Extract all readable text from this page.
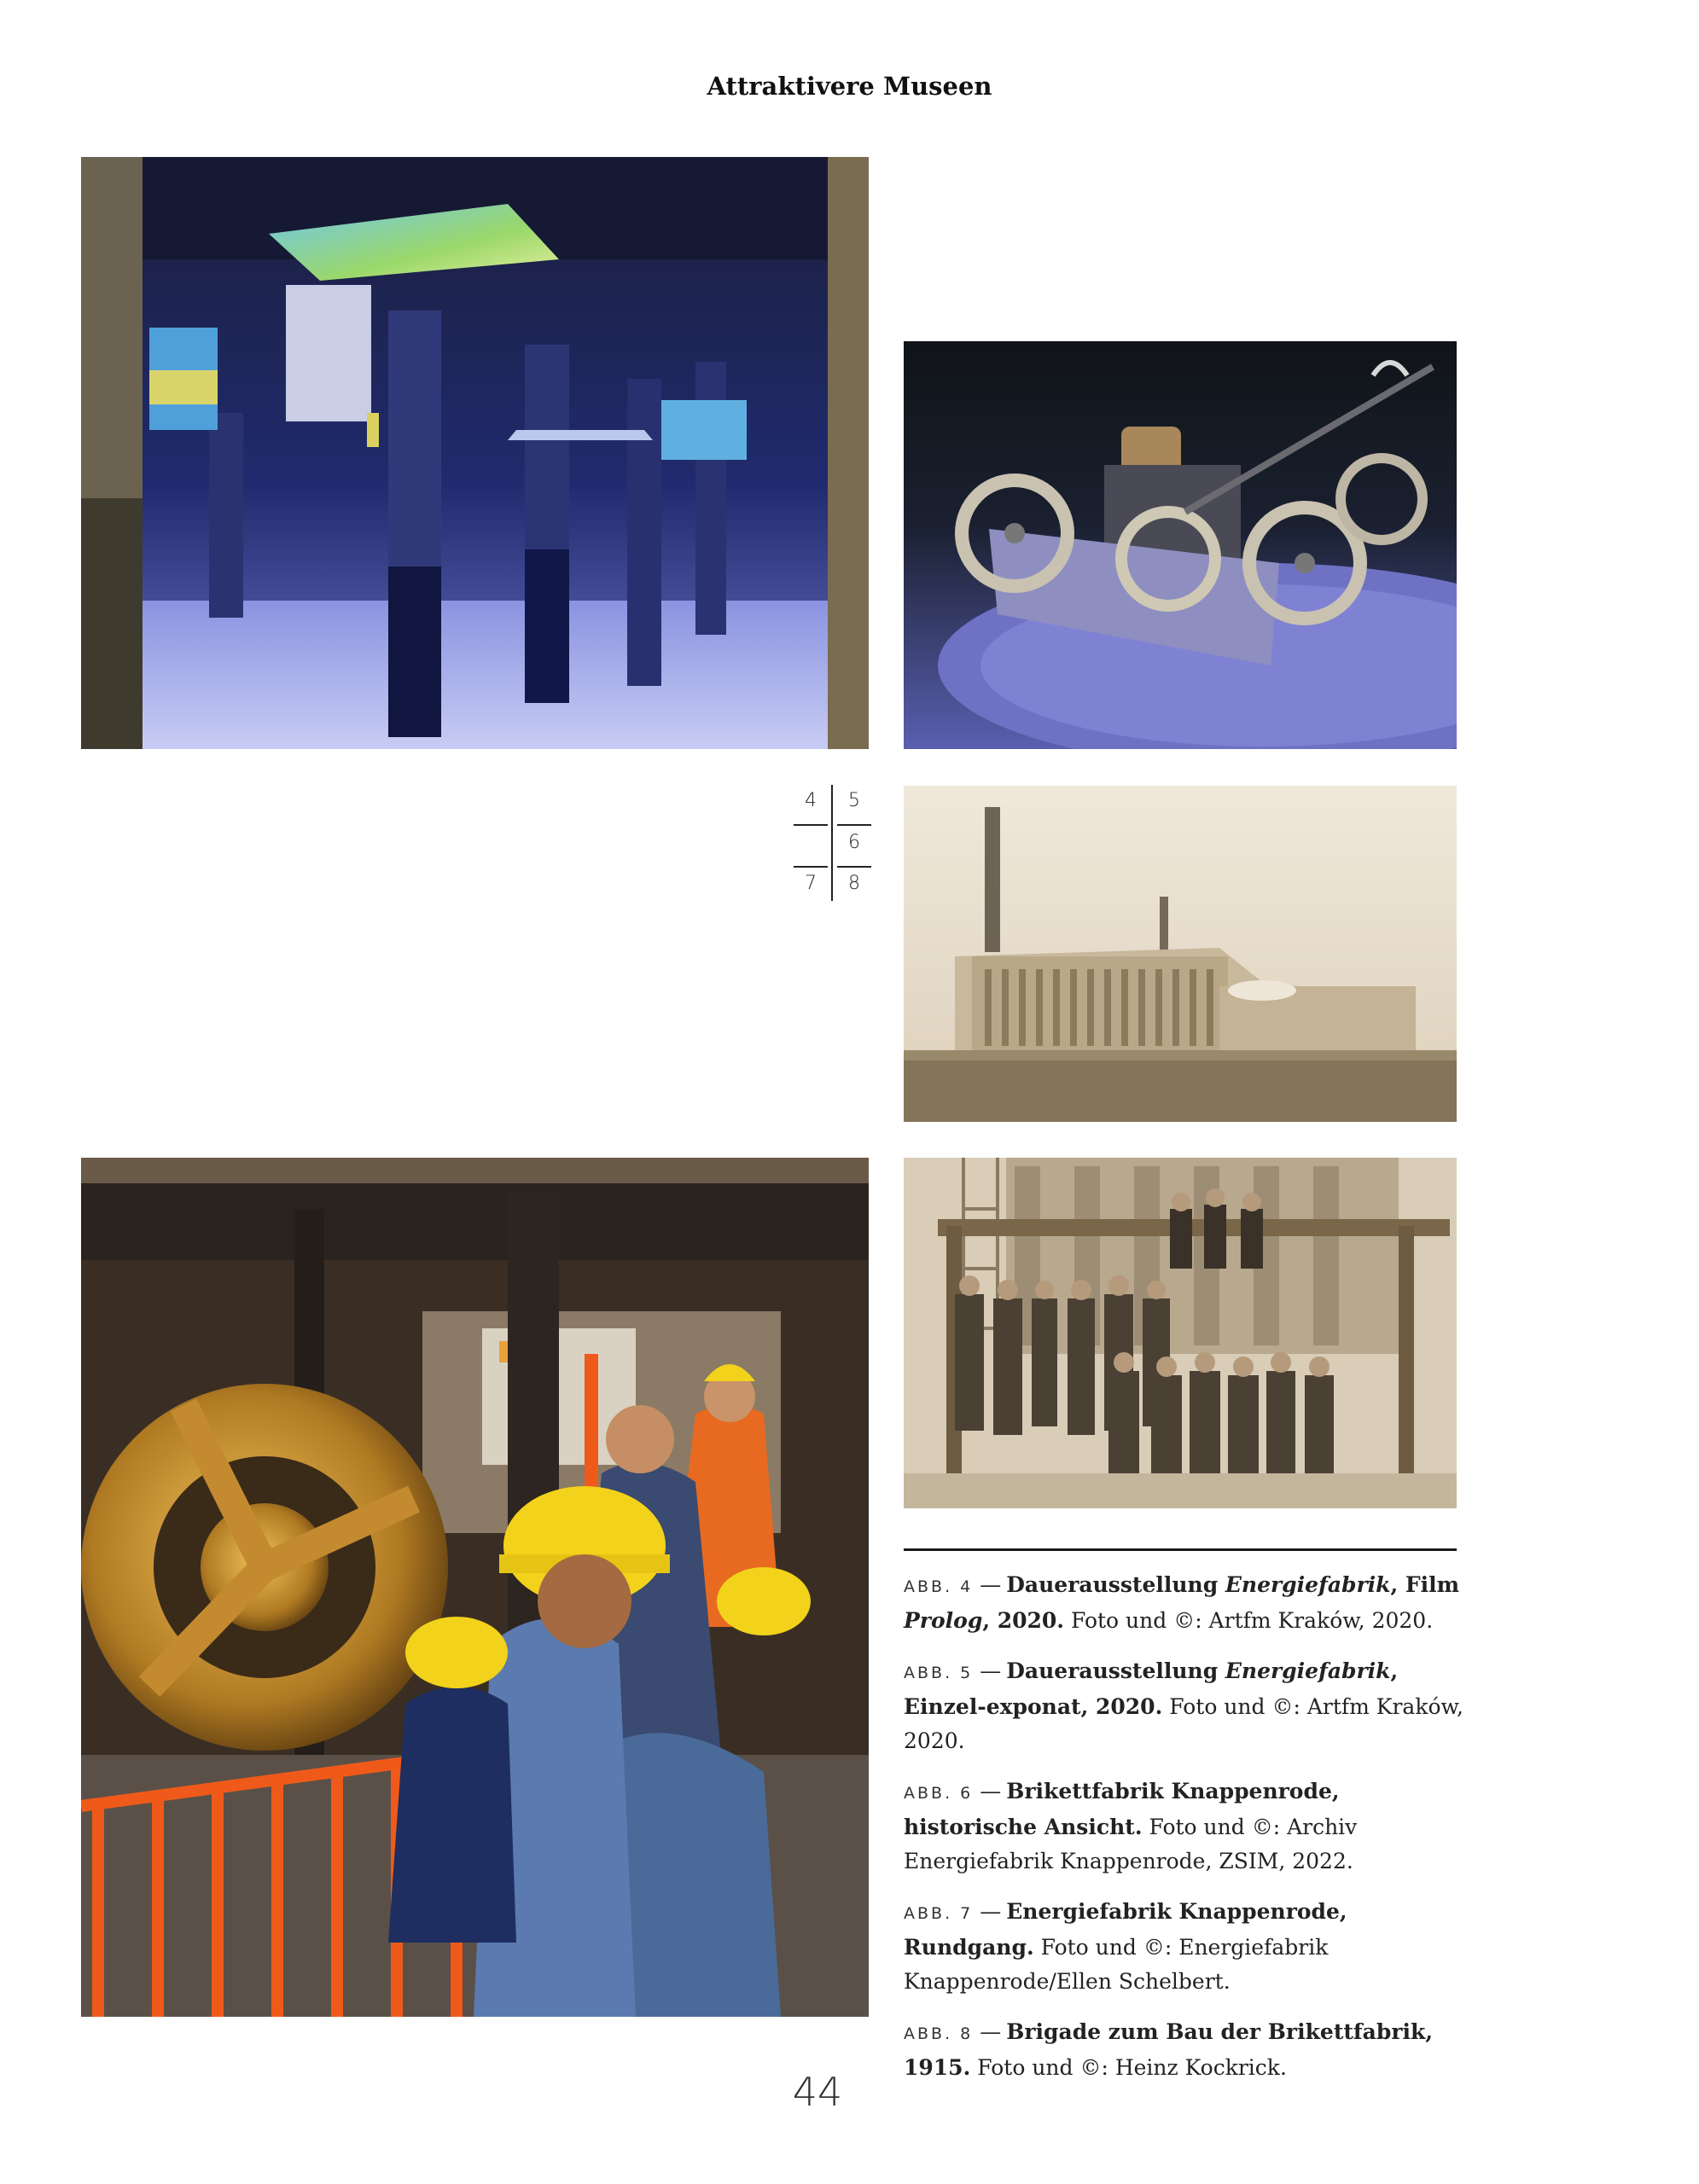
Attraktivere Museen
4	5
6
7	8

ABB. 4 — Dauerausstellung Energiefabrik, Film Prolog, 2020. Foto und ©: Artfm Kraków, 2020.

ABB. 5 — Dauerausstellung Energiefabrik, Einzel-exponat, 2020. Foto und ©: Artfm Kraków, 2020.

ABB. 6 — Brikettfabrik Knappenrode, historische Ansicht. Foto und ©: Archiv Energiefabrik Knappenrode, ZSIM, 2022.

ABB. 7 — Energiefabrik Knappenrode, Rundgang. Foto und ©: Energiefabrik Knappenrode/Ellen Schelbert.

ABB. 8 — Brigade zum Bau der Brikettfabrik, 1915. Foto und ©: Heinz Kockrick.

44
